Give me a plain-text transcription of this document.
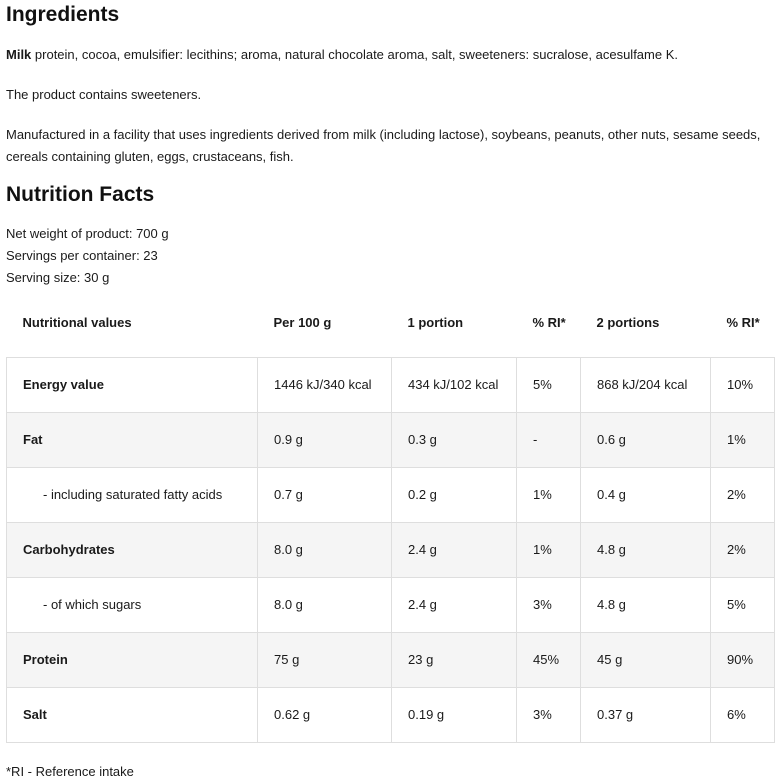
Ingredients

Milk protein, cocoa, emulsifier: lecithins; aroma, natural chocolate aroma, salt, sweeteners: sucralose, acesulfame K.

The product contains sweeteners.

Manufactured in a facility that uses ingredients derived from milk (including lactose), soybeans, peanuts, other nuts, sesame seeds, cereals containing gluten, eggs, crustaceans, fish.

Nutrition Facts

Net weight of product: 700 g

Servings per container: 23

Serving size: 30 g

Nutritional values	Per 100 g	1 portion	% RI*	2 portions	% RI*
Energy value	1446 kJ/340 kcal	434 kJ/102 kcal	5%	868 kJ/204 kcal	10%
Fat	0.9 g	0.3 g	-	0.6 g	1%
- including saturated fatty acids	0.7 g	0.2 g	1%	0.4 g	2%
Carbohydrates	8.0 g	2.4 g	1%	4.8 g	2%
- of which sugars	8.0 g	2.4 g	3%	4.8 g	5%
Protein	75 g	23 g	45%	45 g	90%
Salt	0.62 g	0.19 g	3%	0.37 g	6%

*RI - Reference intake
